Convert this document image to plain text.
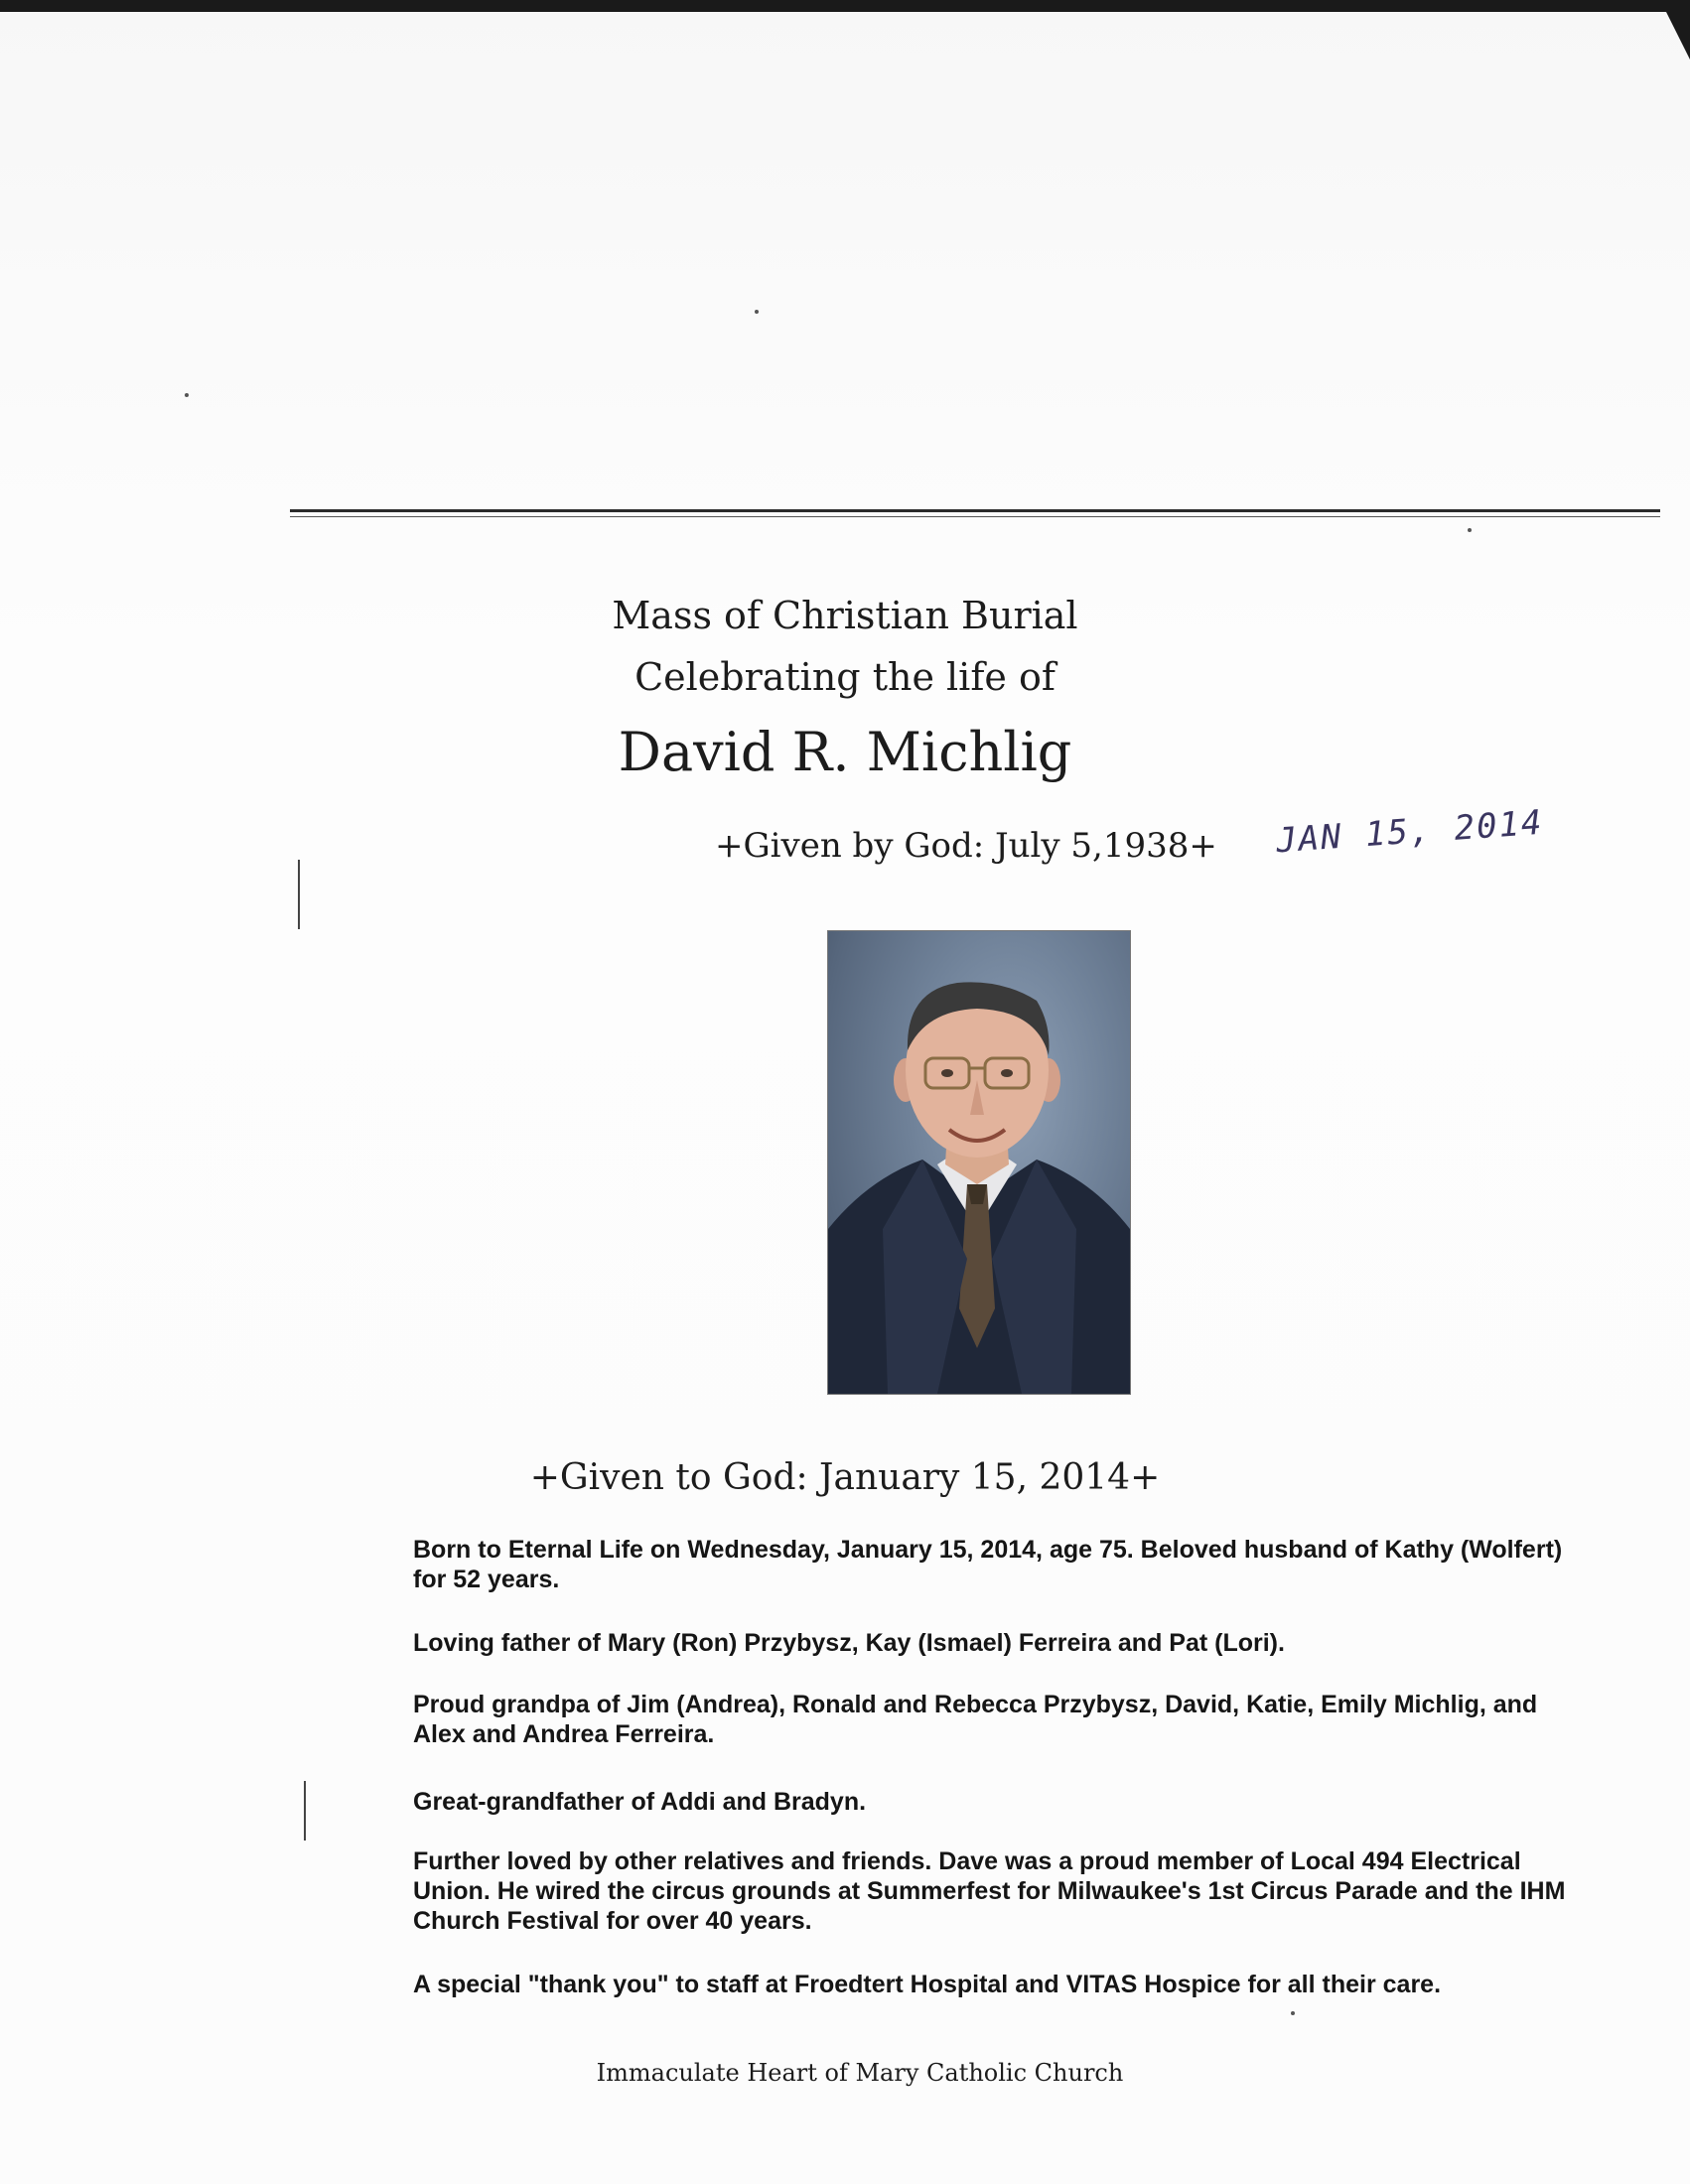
Mass of Christian Burial
Celebrating the life of
David R. Michlig
+Given by God: July 5,1938+ JAN 15, 2014
+Given to God: January 15, 2014+
Born to Eternal Life on Wednesday, January 15, 2014, age 75. Beloved husband of Kathy (Wolfert) for 52 years.
Loving father of Mary (Ron) Przybysz, Kay (Ismael) Ferreira and Pat (Lori).
Proud grandpa of Jim (Andrea), Ronald and Rebecca Przybysz, David, Katie, Emily Michlig, and Alex and Andrea Ferreira.
Great-grandfather of Addi and Bradyn.
Further loved by other relatives and friends. Dave was a proud member of Local 494 Electrical Union. He wired the circus grounds at Summerfest for Milwaukee's 1st Circus Parade and the IHM Church Festival for over 40 years.
A special "thank you" to staff at Froedtert Hospital and VITAS Hospice for all their care.
Immaculate Heart of Mary Catholic Church
